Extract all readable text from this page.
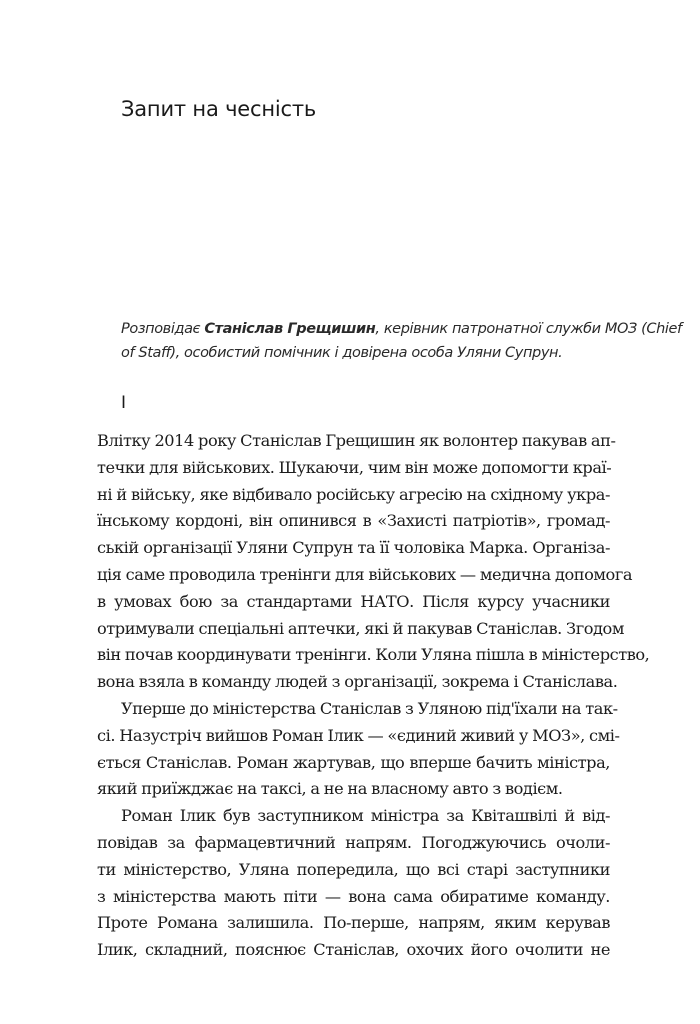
Запит на чесність

Розповідає Станіслав Грещишин, керівник патронатної служби МОЗ (Chief
of Staff), особистий помічник і довірена особа Уляни Супрун.

I
Влітку 2014 року Станіслав Грещишин як волонтер пакував ап-
течки для військових. Шукаючи, чим він може допомогти краї-
ні й війську, яке відбивало російську агресію на східному укра-
їнському кордоні, він опинився в «Захисті патріотів», громад-
ській організації Уляни Супрун та її чоловіка Марка. Організа-
ція саме проводила тренінги для військових — медична допомога
в умовах бою за стандартами НАТО. Після курсу учасники
отримували спеціальні аптечки, які й пакував Станіслав. Згодом
він почав координувати тренінги. Коли Уляна пішла в міністерство,
вона взяла в команду людей з організації, зокрема і Станіслава.
Уперше до міністерства Станіслав з Уляною під'їхали на так-
сі. Назустріч вийшов Роман Ілик — «єдиний живий у МОЗ», смі-
ється Станіслав. Роман жартував, що вперше бачить міністра,
який приїжджає на таксі, а не на власному авто з водієм.
Роман Ілик був заступником міністра за Квіташвілі й від-
повідав за фармацевтичний напрям. Погоджуючись очоли-
ти міністерство, Уляна попередила, що всі старі заступники
з міністерства мають піти — вона сама обиратиме команду.
Проте Романа залишила. По-перше, напрям, яким керував
Ілик, складний, пояснює Станіслав, охочих його очолити не
